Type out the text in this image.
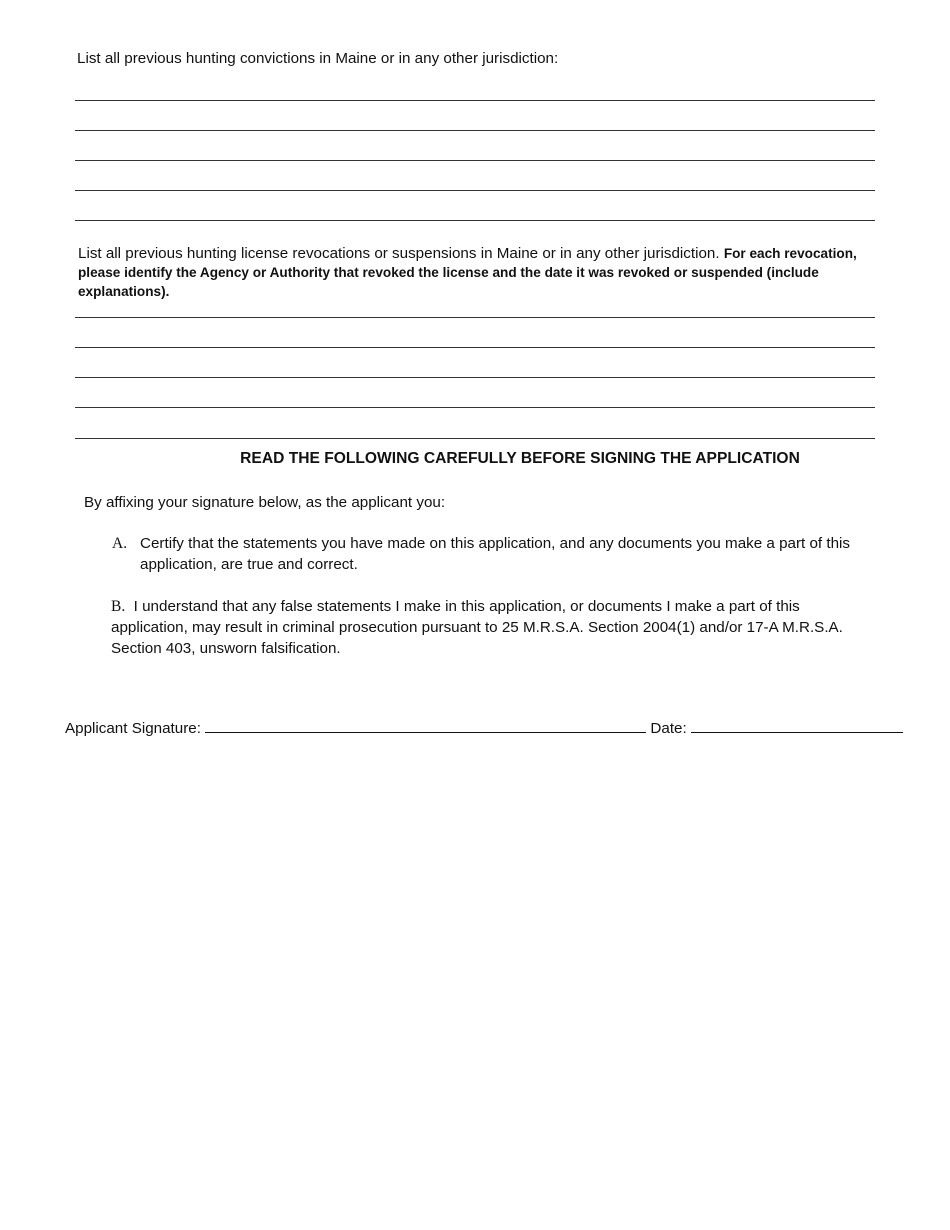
List all previous hunting convictions in Maine or in any other jurisdiction:
List all previous hunting license revocations or suspensions in Maine or in any other jurisdiction. For each revocation, please identify the Agency or Authority that revoked the license and the date it was revoked or suspended (include explanations).
READ THE FOLLOWING CAREFULLY BEFORE SIGNING THE APPLICATION
By affixing your signature below, as the applicant you:
A. Certify that the statements you have made on this application, and any documents you make a part of this application, are true and correct.
B. I understand that any false statements I make in this application, or documents I make a part of this application, may result in criminal prosecution pursuant to 25 M.R.S.A. Section 2004(1) and/or 17-A M.R.S.A. Section 403, unsworn falsification.
Applicant Signature:	Date:
